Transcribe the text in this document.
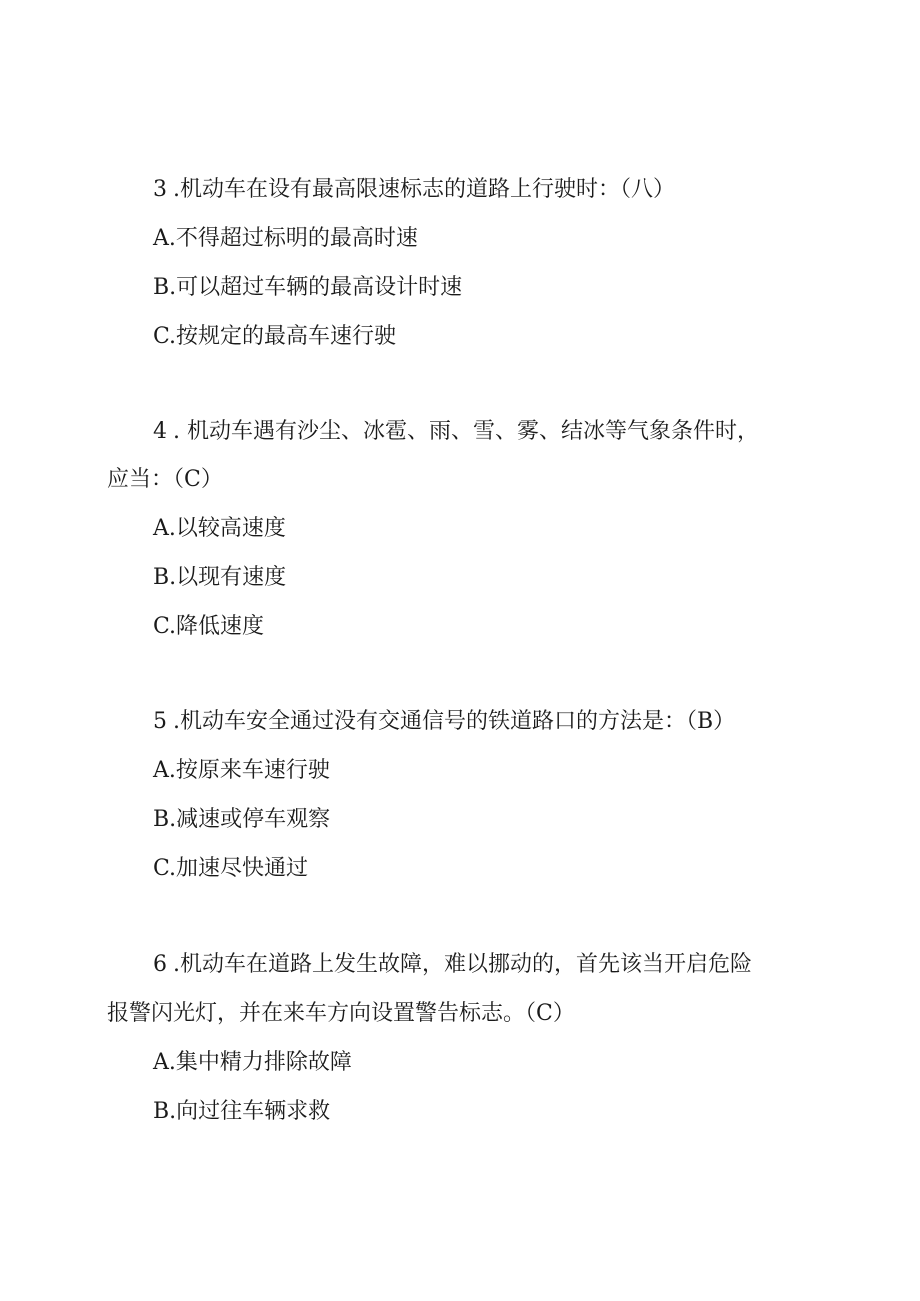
3 .机动车在设有最高限速标志的道路上行驶时：（八）
A.不得超过标明的最高时速
B.可以超过车辆的最高设计时速
C.按规定的最高车速行驶
4 . 机动车遇有沙尘、冰雹、雨、雪、雾、结冰等气象条件时，
应当：（C）
A.以较高速度
B.以现有速度
C.降低速度
5 .机动车安全通过没有交通信号的铁道路口的方法是：（B）
A.按原来车速行驶
B.减速或停车观察
C.加速尽快通过
6 .机动车在道路上发生故障，难以挪动的，首先该当开启危险
报警闪光灯，并在来车方向设置警告标志。（C）
A.集中精力排除故障
B.向过往车辆求救
